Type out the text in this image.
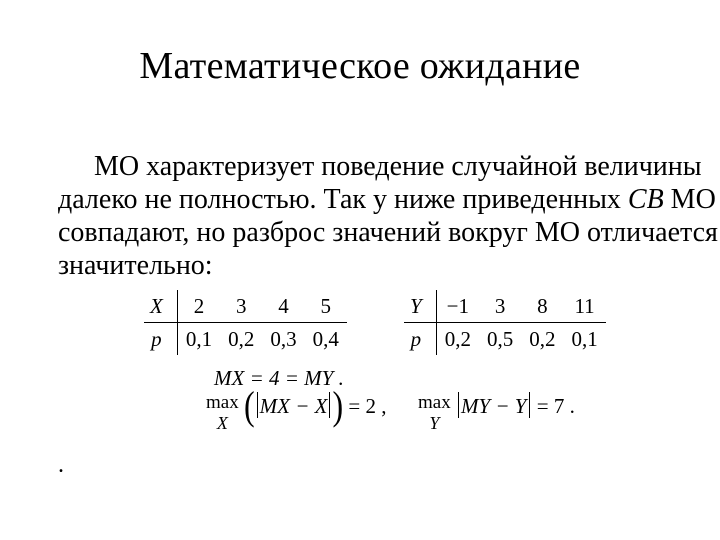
Математическое ожидание
МО характеризует поведение случайной величины далеко не полностью. Так у ниже приведенных СВ МО совпадают, но разброс значений вокруг МО отличается значительно:
X	2	3	4	5
p	0,1	0,2	0,3	0,4
Y	−1	3	8	11
p	0,2	0,5	0,2	0,1
MX = 4 = MY .
max
X ( MX − X ) = 2 , max
Y
MY − Y = 7 .
.
